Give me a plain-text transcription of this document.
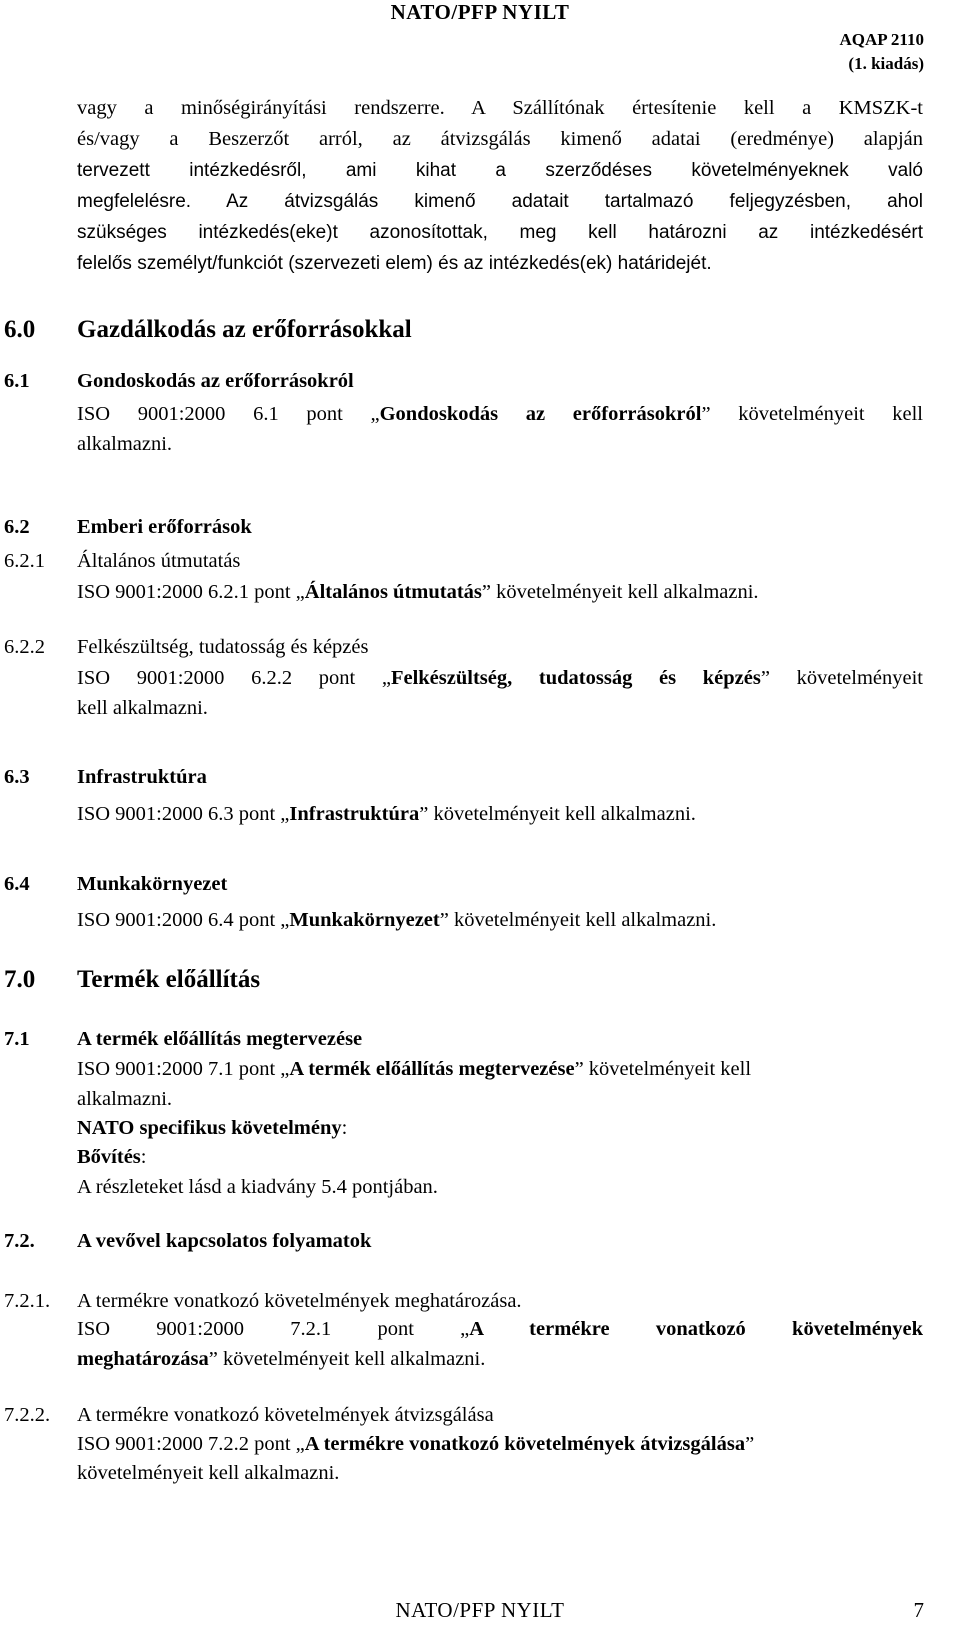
NATO/PFP NYILT
AQAP 2110
(1. kiadás)
vagy a minőségirányítási rendszerre. A Szállítónak értesítenie kell a KMSZK-t
és/vagy a Beszerzőt arról, az átvizsgálás kimenő adatai (eredménye) alapján
tervezett intézkedésről, ami kihat a szerződéses követelményeknek való
megfelelésre. Az átvizsgálás kimenő adatait tartalmazó feljegyzésben, ahol
szükséges intézkedés(eke)t azonosítottak, meg kell határozni az intézkedésért
felelős személyt/funkciót (szervezeti elem) és az intézkedés(ek) határidejét.
6.0 Gazdálkodás az erőforrásokkal
6.1 Gondoskodás az erőforrásokról
ISO 9001:2000 6.1 pont „Gondoskodás az erőforrásokról” követelményeit kell
alkalmazni.
6.2 Emberi erőforrások
6.2.1 Általános útmutatás
ISO 9001:2000 6.2.1 pont „Általános útmutatás” követelményeit kell alkalmazni.
6.2.2 Felkészültség, tudatosság és képzés
ISO 9001:2000 6.2.2 pont „Felkészültség, tudatosság és képzés” követelményeit
kell alkalmazni.
6.3 Infrastruktúra
ISO 9001:2000 6.3 pont „Infrastruktúra” követelményeit kell alkalmazni.
6.4 Munkakörnyezet
ISO 9001:2000 6.4 pont „Munkakörnyezet” követelményeit kell alkalmazni.
7.0 Termék előállítás
7.1 A termék előállítás megtervezése
ISO 9001:2000 7.1 pont „A termék előállítás megtervezése” követelményeit kell
alkalmazni.
NATO specifikus követelmény:
Bővítés:
A részleteket lásd a kiadvány 5.4 pontjában.
7.2. A vevővel kapcsolatos folyamatok
7.2.1. A termékre vonatkozó követelmények meghatározása.
ISO 9001:2000 7.2.1 pont „A termékre vonatkozó követelmények
meghatározása” követelményeit kell alkalmazni.
7.2.2. A termékre vonatkozó követelmények átvizsgálása
ISO 9001:2000 7.2.2 pont „A termékre vonatkozó követelmények átvizsgálása”
követelményeit kell alkalmazni.
NATO/PFP NYILT	7
